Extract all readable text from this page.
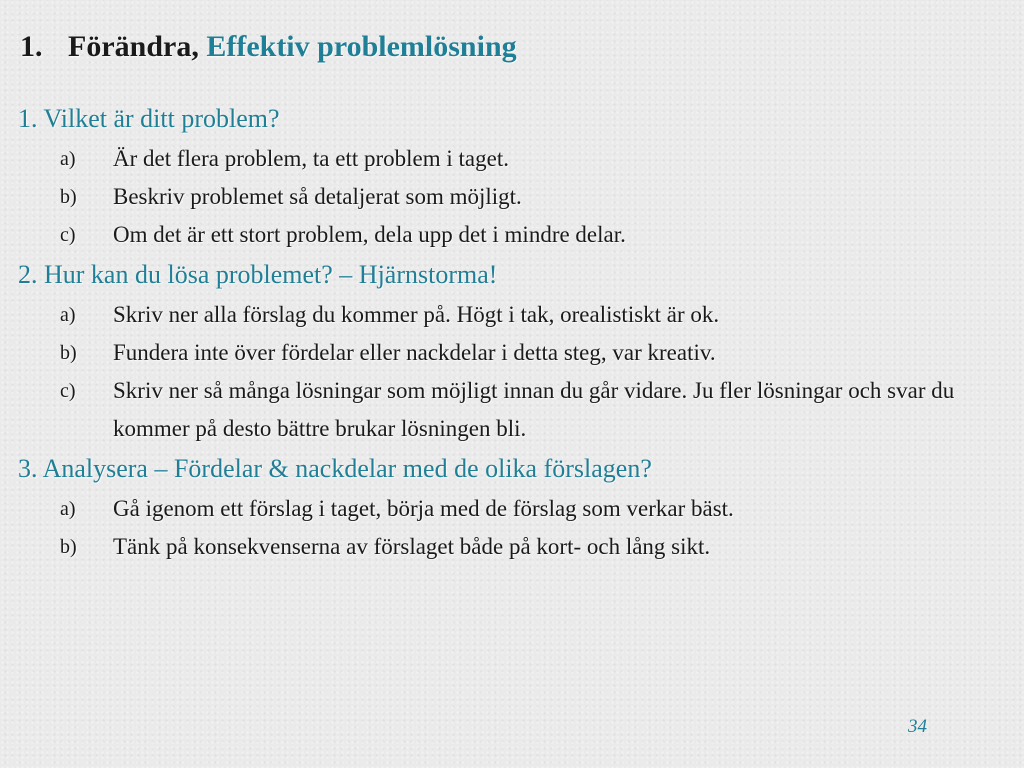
1. Förändra, Effektiv problemlösning
1. Vilket är ditt problem?
a)	Är det flera problem, ta ett problem i taget.
b)	Beskriv problemet så detaljerat som möjligt.
c)	Om det är ett stort problem, dela upp det i mindre delar.
2. Hur kan du lösa problemet? – Hjärnstorma!
a)	Skriv ner alla förslag du kommer på. Högt i tak, orealistiskt är ok.
b)	Fundera inte över fördelar eller nackdelar i detta steg, var kreativ.
c)	Skriv ner så många lösningar som möjligt innan du går vidare. Ju fler lösningar och svar du kommer på desto bättre brukar lösningen bli.
3. Analysera – Fördelar & nackdelar med de olika förslagen?
a)	Gå igenom ett förslag i taget, börja med de förslag som verkar bäst.
b)	Tänk på konsekvenserna av förslaget både på kort- och lång sikt.
34
